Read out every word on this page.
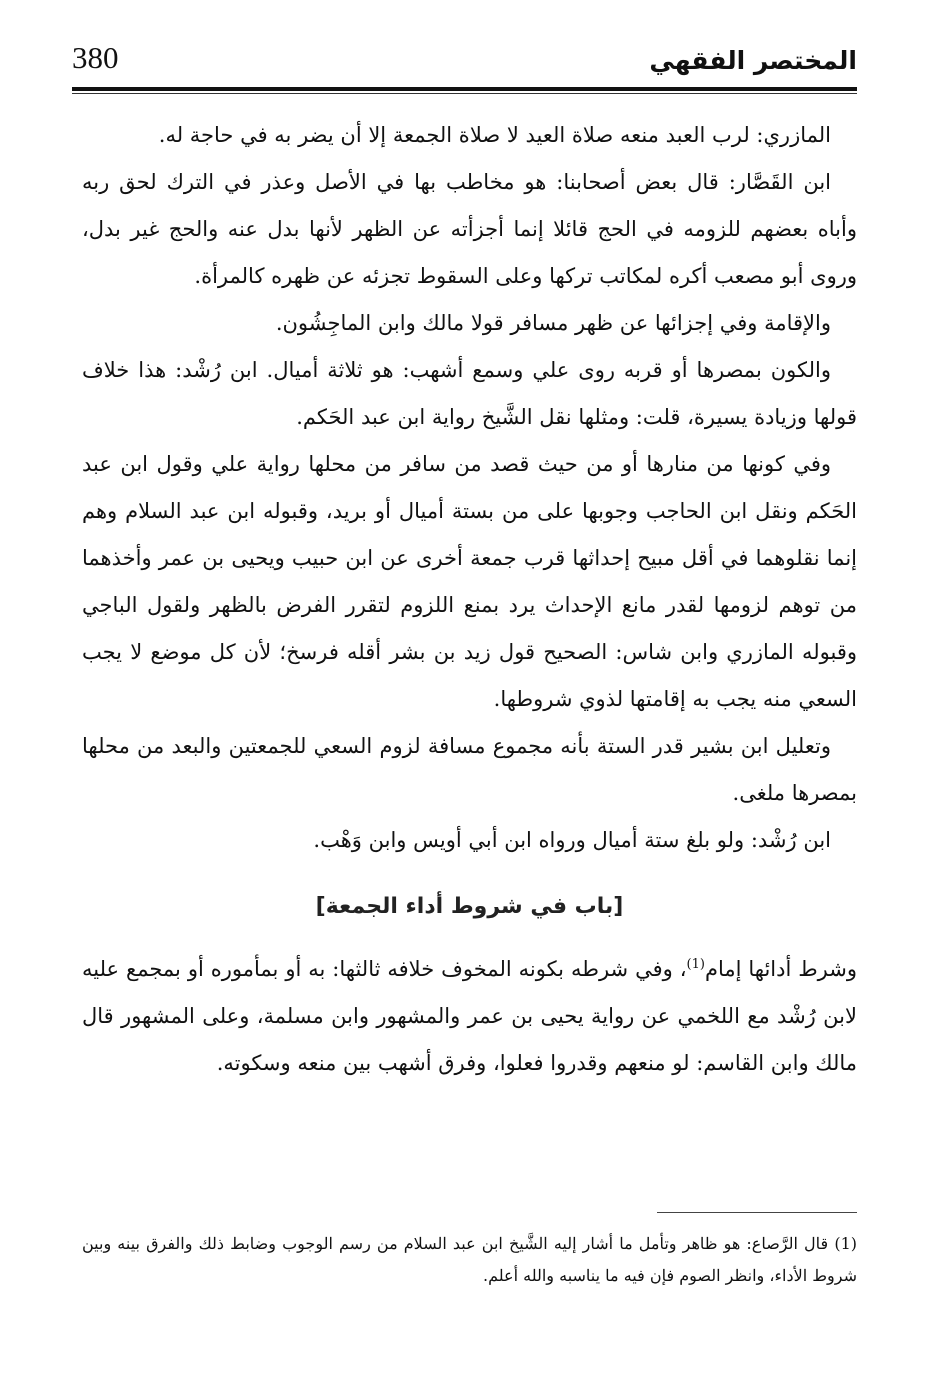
380	المختصر الفقهي

المازري: لرب العبد منعه صلاة العيد لا صلاة الجمعة إلا أن يضر به في حاجة له.

ابن القَصَّار: قال بعض أصحابنا: هو مخاطب بها في الأصل وعذر في الترك لحق ربه وأباه بعضهم للزومه في الحج قائلا إنما أجزأته عن الظهر لأنها بدل عنه والحج غير بدل، وروى أبو مصعب أكره لمكاتب تركها وعلى السقوط تجزئه عن ظهره كالمرأة.

والإقامة وفي إجزائها عن ظهر مسافر قولا مالك وابن الماجِشُون.

والكون بمصرها أو قربه روى علي وسمع أشهب: هو ثلاثة أميال. ابن رُشْد: هذا خلاف قولها وزيادة يسيرة، قلت: ومثلها نقل الشَّيخ رواية ابن عبد الحَكم.

وفي كونها من منارها أو من حيث قصد من سافر من محلها رواية علي وقول ابن عبد الحَكم ونقل ابن الحاجب وجوبها على من بستة أميال أو بريد، وقبوله ابن عبد السلام وهم إنما نقلوهما في أقل مبيح إحداثها قرب جمعة أخرى عن ابن حبيب ويحيى بن عمر وأخذهما من توهم لزومها لقدر مانع الإحداث يرد بمنع اللزوم لتقرر الفرض بالظهر ولقول الباجي وقبوله المازري وابن شاس: الصحيح قول زيد بن بشر أقله فرسخ؛ لأن كل موضع لا يجب السعي منه يجب به إقامتها لذوي شروطها.

وتعليل ابن بشير قدر الستة بأنه مجموع مسافة لزوم السعي للجمعتين والبعد من محلها بمصرها ملغى.

ابن رُشْد: ولو بلغ ستة أميال ورواه ابن أبي أويس وابن وَهْب.

[باب في شروط أداء الجمعة]

وشرط أدائها إمام$^{(1)}$، وفي شرطه بكونه المخوف خلافه ثالثها: به أو بمأموره أو بمجمع عليه لابن رُشْد مع اللخمي عن رواية يحيى بن عمر والمشهور وابن مسلمة، وعلى المشهور قال مالك وابن القاسم: لو منعهم وقدروا فعلوا، وفرق أشهب بين منعه وسكوته.

(1) قال الرَّصاع: هو ظاهر وتأمل ما أشار إليه الشَّيخ ابن عبد السلام من رسم الوجوب وضابط ذلك والفرق بينه وبين شروط الأداء، وانظر الصوم فإن فيه ما يناسبه والله أعلم.
